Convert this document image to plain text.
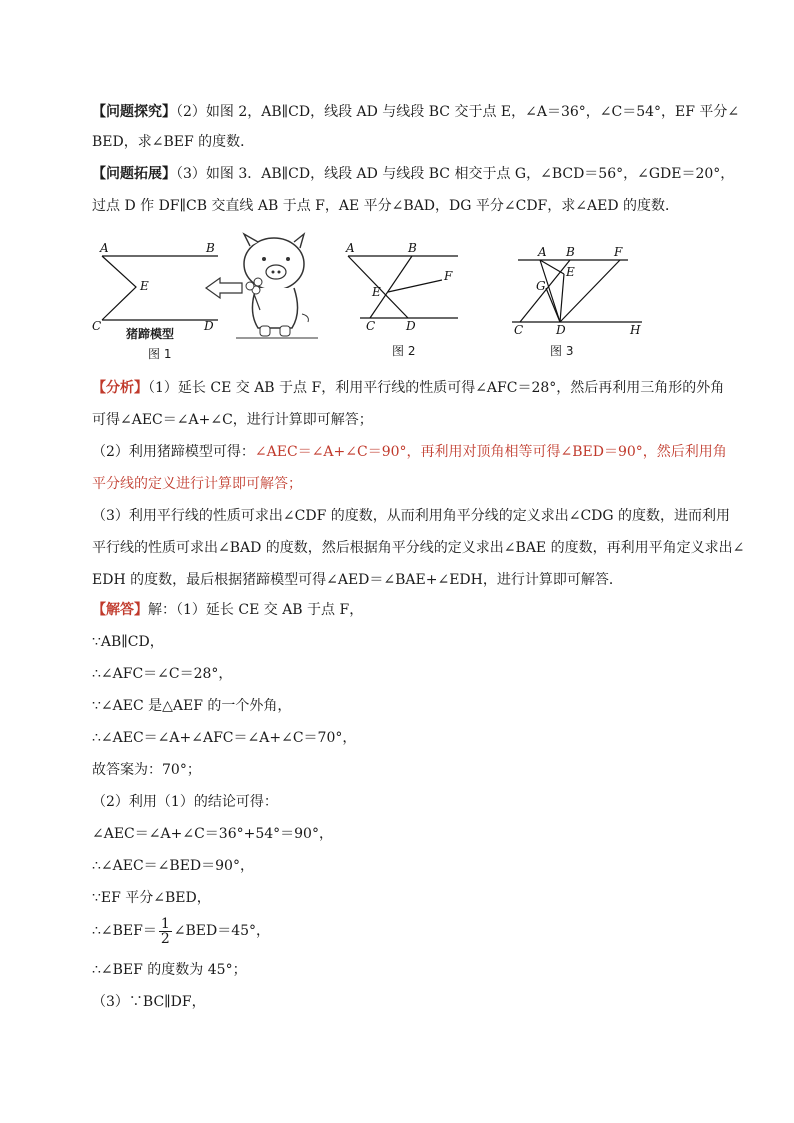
【问题探究】（2）如图 2，AB∥CD，线段 AD 与线段 BC 交于点 E，∠A＝36°，∠C＝54°，EF 平分∠
BED，求∠BEF 的度数．
【问题拓展】（3）如图 3．AB∥CD，线段 AD 与线段 BC 相交于点 G，∠BCD＝56°，∠GDE＝20°，
过点 D 作 DF∥CB 交直线 AB 于点 F，AE 平分∠BAD，DG 平分∠CDF，求∠AED 的度数．
A	B
E
C	D
猪蹄模型
图 1
A	B
F
E
C	D
图 2
A B	F
E
G
C	D	H
图 3
【分析】（1）延长 CE 交 AB 于点 F，利用平行线的性质可得∠AFC＝28°，然后再利用三角形的外角
可得∠AEC＝∠A+∠C，进行计算即可解答；
（2）利用猪蹄模型可得：∠AEC＝∠A+∠C＝90°，再利用对顶角相等可得∠BED＝90°，然后利用角
平分线的定义进行计算即可解答；
（3）利用平行线的性质可求出∠CDF 的度数，从而利用角平分线的定义求出∠CDG 的度数，进而利用
平行线的性质可求出∠BAD 的度数，然后根据角平分线的定义求出∠BAE 的度数，再利用平角定义求出∠
EDH 的度数，最后根据猪蹄模型可得∠AED＝∠BAE+∠EDH，进行计算即可解答．
【解答】解：（1）延长 CE 交 AB 于点 F，
∵AB∥CD，
∴∠AFC＝∠C＝28°，
∵∠AEC 是△AEF 的一个外角，
∴∠AEC＝∠A+∠AFC＝∠A+∠C＝70°，
故答案为：70°；
（2）利用（1）的结论可得：
∠AEC＝∠A+∠C＝36°+54°＝90°，
∴∠AEC＝∠BED＝90°，
∵EF 平分∠BED，
∴∠BEF＝ $\frac{1}{2}$ ∠BED＝45°，
∴∠BEF 的度数为 45°；
（3）∵BC∥DF，
